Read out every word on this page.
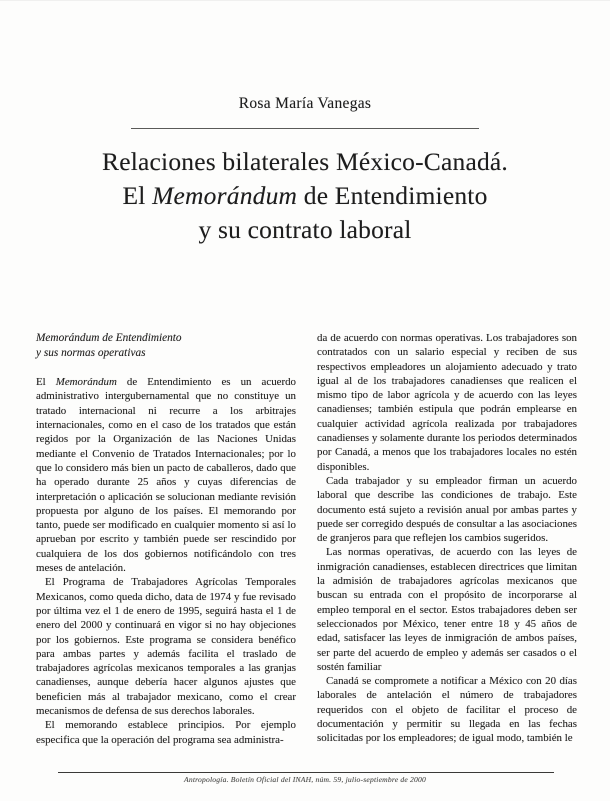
Rosa María Vanegas
Relaciones bilaterales México-Canadá.
El Memorándum de Entendimiento
y su contrato laboral
Memorándum de Entendimiento
y sus normas operativas

El Memorándum de Entendimiento es un acuerdo administrativo intergubernamental que no constituye un tratado internacional ni recurre a los arbitrajes internacionales, como en el caso de los tratados que están regidos por la Organización de las Naciones Unidas mediante el Convenio de Tratados Internacionales; por lo que lo considero más bien un pacto de caballeros, dado que ha operado durante 25 años y cuyas diferencias de interpretación o aplicación se solucionan mediante revisión propuesta por alguno de los países. El memorando por tanto, puede ser modificado en cualquier momento si así lo aprueban por escrito y también puede ser rescindido por cualquiera de los dos gobiernos notificándolo con tres meses de antelación.

El Programa de Trabajadores Agrícolas Temporales Mexicanos, como queda dicho, data de 1974 y fue revisado por última vez el 1 de enero de 1995, seguirá hasta el 1 de enero del 2000 y continuará en vigor si no hay objeciones por los gobiernos. Este programa se considera benéfico para ambas partes y además facilita el traslado de trabajadores agrícolas mexicanos temporales a las granjas canadienses, aunque debería hacer algunos ajustes que beneficien más al trabajador mexicano, como el crear mecanismos de defensa de sus derechos laborales.

El memorando establece principios. Por ejemplo especifica que la operación del programa sea administra-

da de acuerdo con normas operativas. Los trabajadores son contratados con un salario especial y reciben de sus respectivos empleadores un alojamiento adecuado y trato igual al de los trabajadores canadienses que realicen el mismo tipo de labor agrícola y de acuerdo con las leyes canadienses; también estipula que podrán emplearse en cualquier actividad agrícola realizada por trabajadores canadienses y solamente durante los periodos determinados por Canadá, a menos que los trabajadores locales no estén disponibles.

Cada trabajador y su empleador firman un acuerdo laboral que describe las condiciones de trabajo. Este documento está sujeto a revisión anual por ambas partes y puede ser corregido después de consultar a las asociaciones de granjeros para que reflejen los cambios sugeridos.

Las normas operativas, de acuerdo con las leyes de inmigración canadienses, establecen directrices que limitan la admisión de trabajadores agrícolas mexicanos que buscan su entrada con el propósito de incorporarse al empleo temporal en el sector. Estos trabajadores deben ser seleccionados por México, tener entre 18 y 45 años de edad, satisfacer las leyes de inmigración de ambos países, ser parte del acuerdo de empleo y además ser casados o el sostén familiar

Canadá se compromete a notificar a México con 20 días laborales de antelación el número de trabajadores requeridos con el objeto de facilitar el proceso de documentación y permitir su llegada en las fechas solicitadas por los empleadores; de igual modo, también le

Antropología. Boletín Oficial del INAH, núm. 59, julio-septiembre de 2000
